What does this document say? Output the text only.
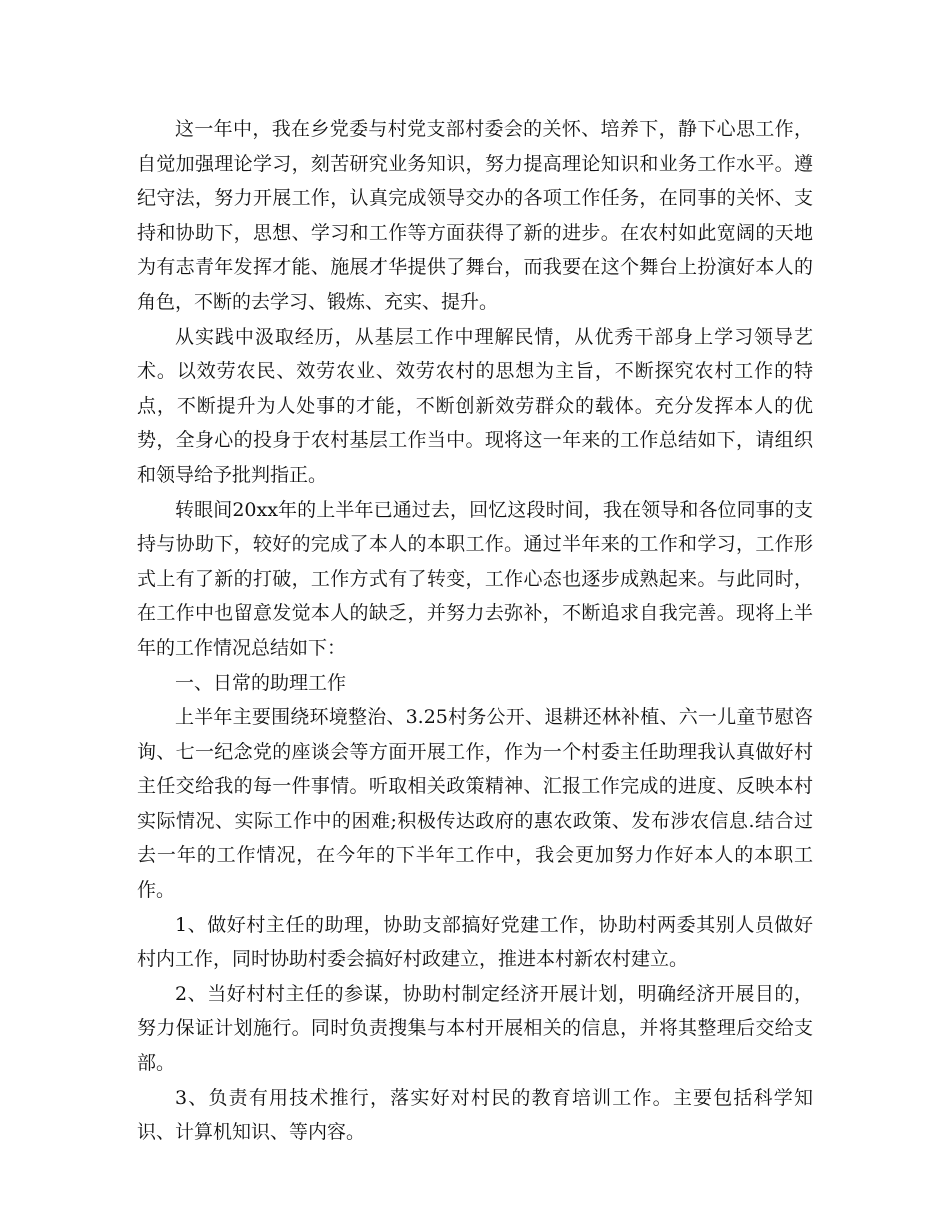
这一年中，我在乡党委与村党支部村委会的关怀、培养下，静下心思工作，自觉加强理论学习，刻苦研究业务知识，努力提高理论知识和业务工作水平。遵纪守法，努力开展工作，认真完成领导交办的各项工作任务，在同事的关怀、支持和协助下，思想、学习和工作等方面获得了新的进步。在农村如此宽阔的天地为有志青年发挥才能、施展才华提供了舞台，而我要在这个舞台上扮演好本人的角色，不断的去学习、锻炼、充实、提升。

从实践中汲取经历，从基层工作中理解民情，从优秀干部身上学习领导艺术。以效劳农民、效劳农业、效劳农村的思想为主旨，不断探究农村工作的特点，不断提升为人处事的才能，不断创新效劳群众的载体。充分发挥本人的优势，全身心的投身于农村基层工作当中。现将这一年来的工作总结如下，请组织和领导给予批判指正。

转眼间20xx年的上半年已通过去，回忆这段时间，我在领导和各位同事的支持与协助下，较好的完成了本人的本职工作。通过半年来的工作和学习，工作形式上有了新的打破，工作方式有了转变，工作心态也逐步成熟起来。与此同时，在工作中也留意发觉本人的缺乏，并努力去弥补，不断追求自我完善。现将上半年的工作情况总结如下：

一、日常的助理工作

上半年主要围绕环境整治、3.25村务公开、退耕还林补植、六一儿童节慰咨询、七一纪念党的座谈会等方面开展工作，作为一个村委主任助理我认真做好村主任交给我的每一件事情。听取相关政策精神、汇报工作完成的进度、反映本村实际情况、实际工作中的困难;积极传达政府的惠农政策、发布涉农信息.结合过去一年的工作情况，在今年的下半年工作中，我会更加努力作好本人的本职工作。

1、做好村主任的助理，协助支部搞好党建工作，协助村两委其别人员做好村内工作，同时协助村委会搞好村政建立，推进本村新农村建立。

2、当好村村主任的参谋，协助村制定经济开展计划，明确经济开展目的，努力保证计划施行。同时负责搜集与本村开展相关的信息，并将其整理后交给支部。

3、负责有用技术推行，落实好对村民的教育培训工作。主要包括科学知识、计算机知识、等内容。
